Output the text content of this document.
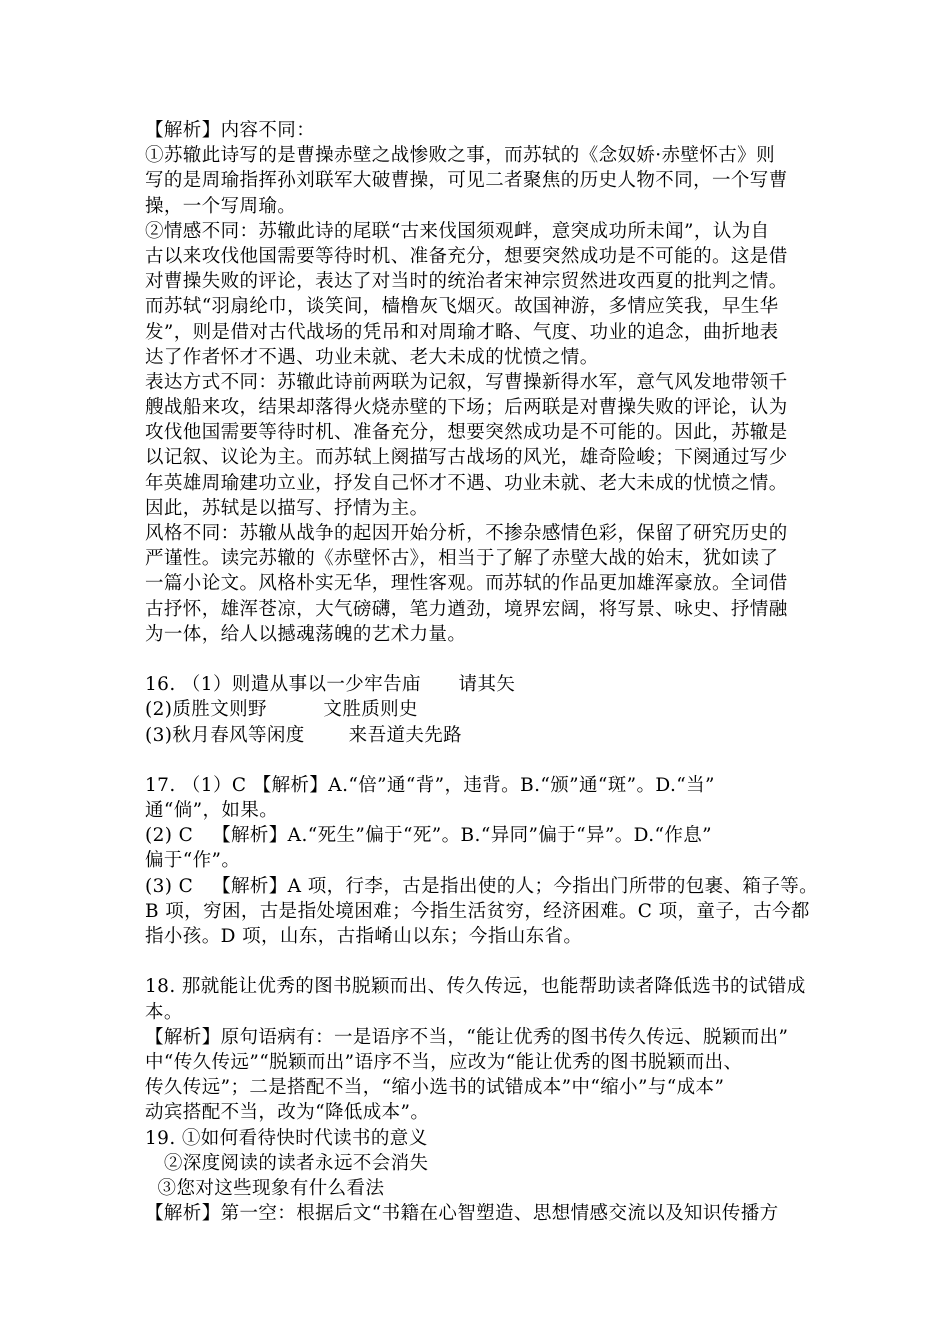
【解析】内容不同：
①苏辙此诗写的是曹操赤壁之战惨败之事，而苏轼的《念奴娇·赤壁怀古》则
写的是周瑜指挥孙刘联军大破曹操，可见二者聚焦的历史人物不同，一个写曹
操，一个写周瑜。
②情感不同：苏辙此诗的尾联“古来伐国须观衅，意突成功所未闻”，认为自
古以来攻伐他国需要等待时机、准备充分，想要突然成功是不可能的。这是借
对曹操失败的评论，表达了对当时的统治者宋神宗贸然进攻西夏的批判之情。
而苏轼“羽扇纶巾，谈笑间，樯橹灰飞烟灭。故国神游，多情应笑我，早生华
发”，则是借对古代战场的凭吊和对周瑜才略、气度、功业的追念，曲折地表
达了作者怀才不遇、功业未就、老大未成的忧愤之情。
表达方式不同：苏辙此诗前两联为记叙，写曹操新得水军，意气风发地带领千
艘战船来攻，结果却落得火烧赤壁的下场；后两联是对曹操失败的评论，认为
攻伐他国需要等待时机、准备充分，想要突然成功是不可能的。因此，苏辙是
以记叙、议论为主。而苏轼上阕描写古战场的风光，雄奇险峻；下阕通过写少
年英雄周瑜建功立业，抒发自己怀才不遇、功业未就、老大未成的忧愤之情。
因此，苏轼是以描写、抒情为主。
风格不同：苏辙从战争的起因开始分析，不掺杂感情色彩，保留了研究历史的
严谨性。读完苏辙的《赤壁怀古》，相当于了解了赤壁大战的始末，犹如读了
一篇小论文。风格朴实无华，理性客观。而苏轼的作品更加雄浑豪放。全词借
古抒怀，雄浑苍凉，大气磅礴，笔力遒劲，境界宏阔，将写景、咏史、抒情融
为一体，给人以撼魂荡魄的艺术力量。
16. （1）则遣从事以一少牢告庙      请其矢
(2)质胜文则野         文胜质则史
(3)秋月春风等闲度       来吾道夫先路
17. （1）C 【解析】A.“倍”通“背”，违背。B.“颁”通“斑”。D.“当”
通“倘”，如果。
(2) C   【解析】A.“死生”偏于“死”。B.“异同”偏于“异”。D.“作息”
偏于“作”。
(3) C   【解析】A 项，行李，古是指出使的人；今指出门所带的包裹、箱子等。
B 项，穷困，古是指处境困难；今指生活贫穷，经济困难。C 项，童子，古今都
指小孩。D 项，山东，古指崤山以东；今指山东省。
18. 那就能让优秀的图书脱颖而出、传久传远，也能帮助读者降低选书的试错成
本。
【解析】原句语病有：一是语序不当，“能让优秀的图书传久传远、脱颖而出”
中“传久传远”“脱颖而出”语序不当，应改为“能让优秀的图书脱颖而出、
传久传远”；二是搭配不当，“缩小选书的试错成本”中“缩小”与“成本”
动宾搭配不当，改为“降低成本”。
19. ①如何看待快时代读书的意义
②深度阅读的读者永远不会消失
③您对这些现象有什么看法
【解析】第一空：根据后文“书籍在心智塑造、思想情感交流以及知识传播方
